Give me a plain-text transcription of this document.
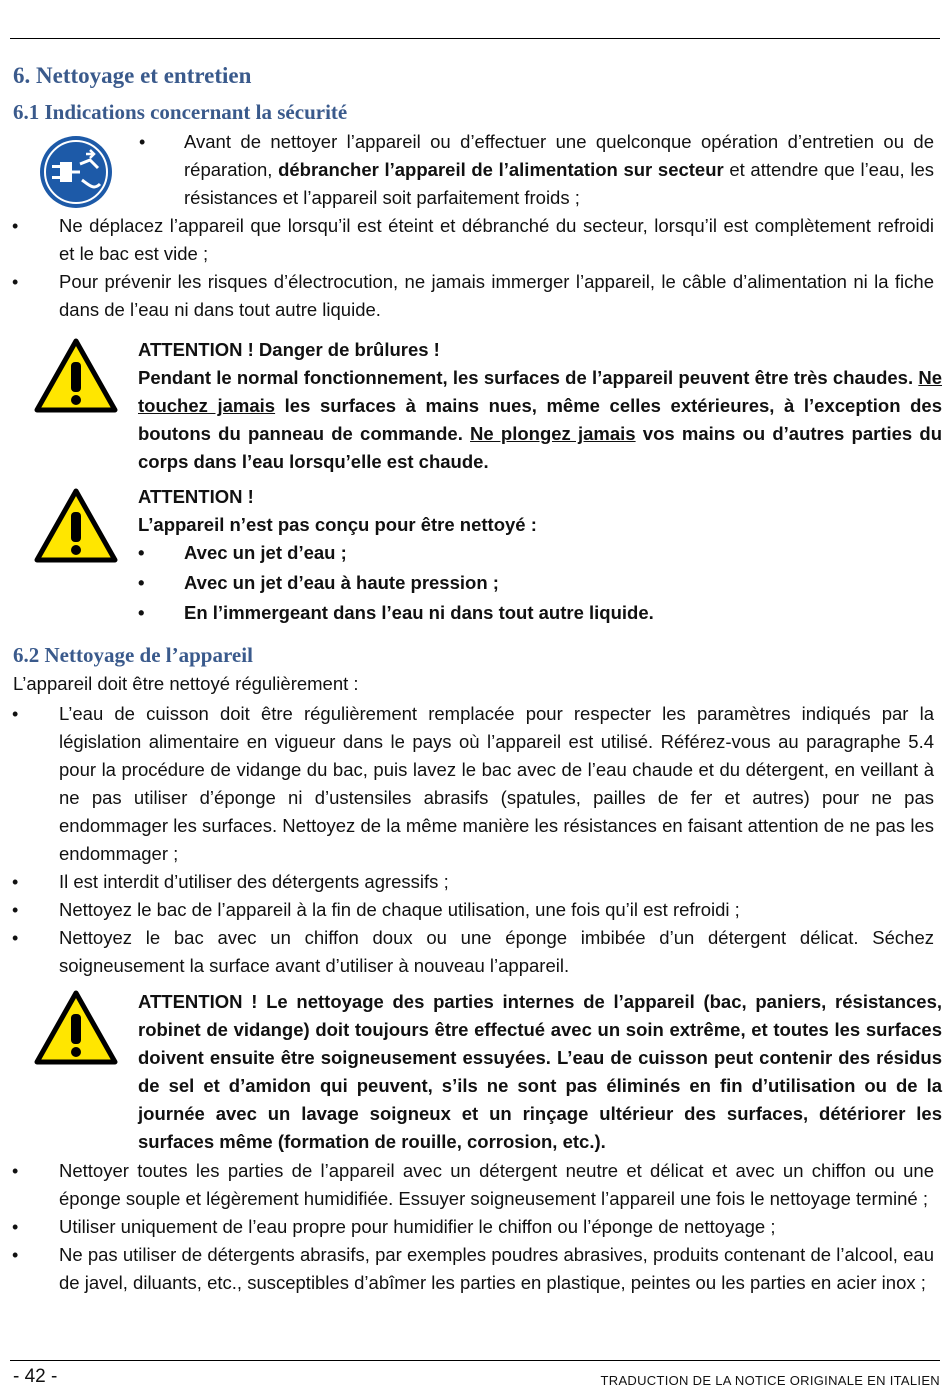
6. Nettoyage et entretien
6.1 Indications concernant la sécurité
• Avant de nettoyer l’appareil ou d’effectuer une quelconque opération d’entretien ou de réparation, débrancher l’appareil de l’alimentation sur secteur et attendre que l’eau, les résistances et l’appareil soit parfaitement froids ;
• Ne déplacez l’appareil que lorsqu’il est éteint et débranché du secteur, lorsqu’il est complètement refroidi et le bac est vide ;
• Pour prévenir les risques d’électrocution, ne jamais immerger l’appareil, le câble d’alimentation ni la fiche dans de l’eau ni dans tout autre liquide.

ATTENTION ! Danger de brûlures !

Pendant le normal fonctionnement, les surfaces de l’appareil peuvent être très chaudes. Ne touchez jamais les surfaces à mains nues, même celles extérieures, à l’exception des boutons du panneau de commande. Ne plongez jamais vos mains ou d’autres parties du corps dans l’eau lorsqu’elle est chaude.

ATTENTION !

L’appareil n’est pas conçu pour être nettoyé :

• Avec un jet d’eau ;

• Avec un jet d’eau à haute pression ;

• En l’immergeant dans l’eau ni dans tout autre liquide.

6.2 Nettoyage de l’appareil
L’appareil doit être nettoyé régulièrement :
• L’eau de cuisson doit être régulièrement remplacée pour respecter les paramètres indiqués par la législation alimentaire en vigueur dans le pays où l’appareil est utilisé. Référez-vous au paragraphe 5.4 pour la procédure de vidange du bac, puis lavez le bac avec de l’eau chaude et du détergent, en veillant à ne pas utiliser d’éponge ni d’ustensiles abrasifs (spatules, pailles de fer et autres) pour ne pas endommager les surfaces. Nettoyez de la même manière les résistances en faisant attention de ne pas les endommager ;
• Il est interdit d’utiliser des détergents agressifs ;
• Nettoyez le bac de l’appareil à la fin de chaque utilisation, une fois qu’il est refroidi ;
• Nettoyez le bac avec un chiffon doux ou une éponge imbibée d’un détergent délicat. Séchez soigneusement la surface avant d’utiliser à nouveau l’appareil.

ATTENTION ! Le nettoyage des parties internes de l’appareil (bac, paniers, résistances, robinet de vidange) doit toujours être effectué avec un soin extrême, et toutes les surfaces doivent ensuite être soigneusement essuyées. L’eau de cuisson peut contenir des résidus de sel et d’amidon qui peuvent, s’ils ne sont pas éliminés en fin d’utilisation ou de la journée avec un lavage soigneux et un rinçage ultérieur des surfaces, détériorer les surfaces même (formation de rouille, corrosion, etc.).

• Nettoyer toutes les parties de l’appareil avec un détergent neutre et délicat et avec un chiffon ou une éponge souple et légèrement humidifiée. Essuyer soigneusement l’appareil une fois le nettoyage terminé ;
• Utiliser uniquement de l’eau propre pour humidifier le chiffon ou l’éponge de nettoyage ;
• Ne pas utiliser de détergents abrasifs, par exemples poudres abrasives, produits contenant de l’alcool, eau de javel, diluants, etc., susceptibles d’abîmer les parties en plastique, peintes ou les parties en acier inox ;
- 42 -	TRADUCTION DE LA NOTICE ORIGINALE EN ITALIEN
